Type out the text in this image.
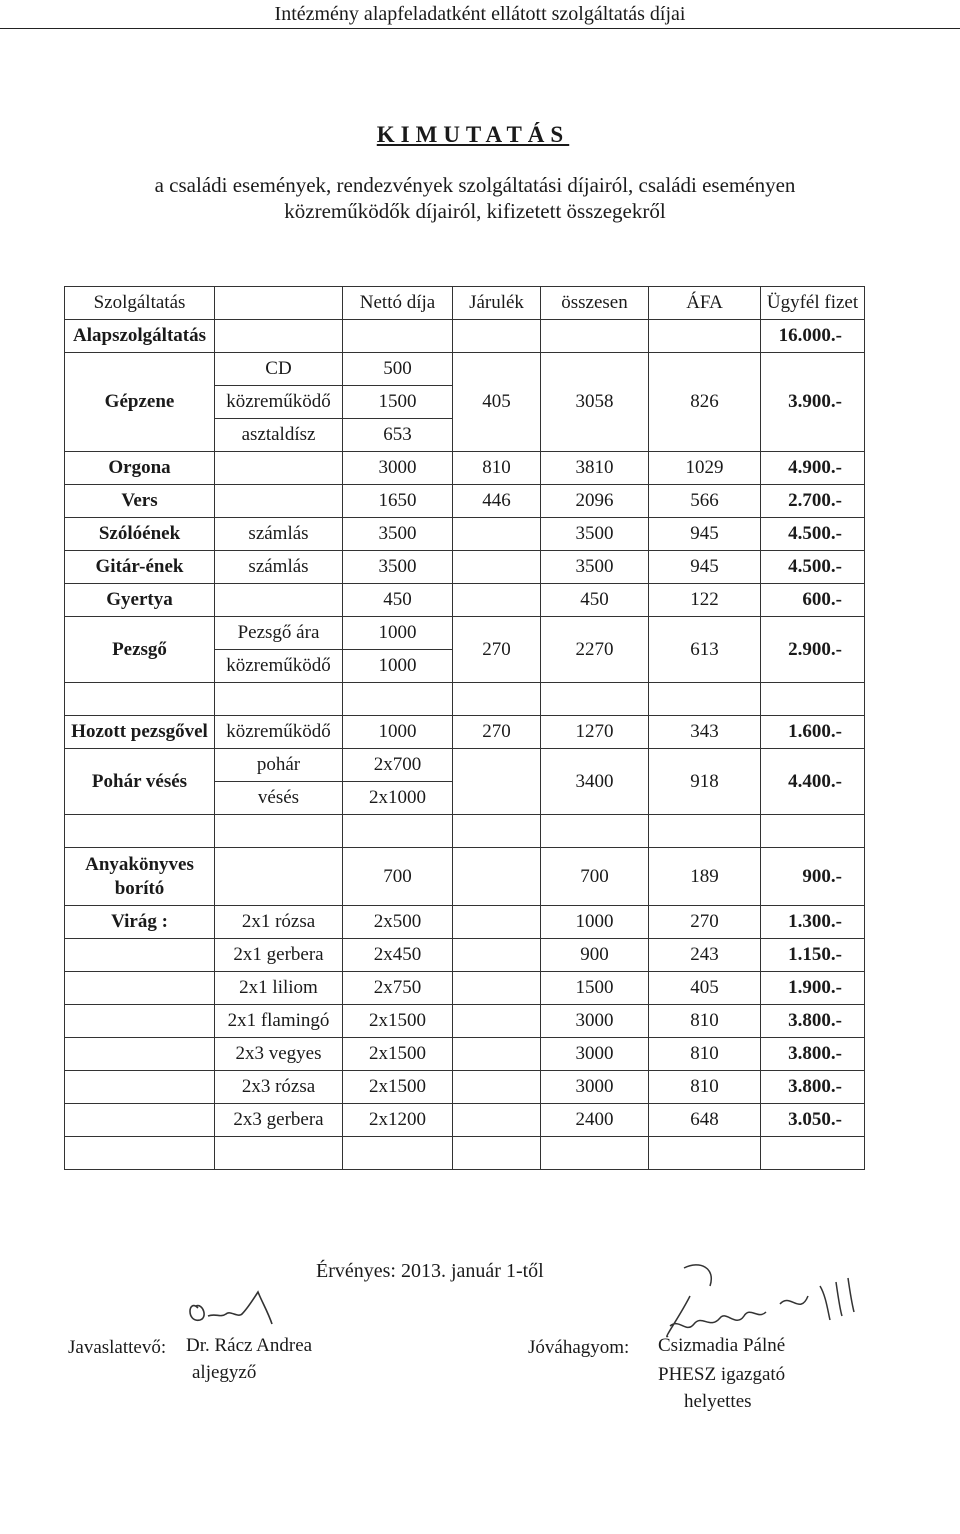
Intézmény alapfeladatként ellátott szolgáltatás díjai
KIMUTATÁS
a családi események, rendezvények szolgáltatási díjairól, családi eseményen közreműködők díjairól, kifizetett összegekről
Szolgáltatás		Nettó díja	Járulék	összesen	ÁFA	Ügyfél fizet
Alapszolgáltatás						16.000.-
Gépzene	CD	500	405	3058	826	3.900.-
	közreműködő	1500				
	asztaldísz	653				
Orgona		3000	810	3810	1029	4.900.-
Vers		1650	446	2096	566	2.700.-
Szólóének	számlás	3500		3500	945	4.500.-
Gitár-ének	számlás	3500		3500	945	4.500.-
Gyertya		450		450	122	600.-
Pezsgő	Pezsgő ára	1000	270	2270	613	2.900.-
	közreműködő	1000				

Hozott pezsgővel	közreműködő	1000	270	1270	343	1.600.-
Pohár vésés	pohár	2x700		3400	918	4.400.-
	vésés	2x1000				

Anyakönyves borító		700		700	189	900.-
Virág :	2x1 rózsa	2x500		1000	270	1.300.-
	2x1 gerbera	2x450		900	243	1.150.-
	2x1 liliom	2x750		1500	405	1.900.-
	2x1 flamingó	2x1500		3000	810	3.800.-
	2x3 vegyes	2x1500		3000	810	3.800.-
	2x3 rózsa	2x1500		3000	810	3.800.-
	2x3 gerbera	2x1200		2400	648	3.050.-

Érvényes: 2013. január 1-től
Javaslattevő: Dr. Rácz Andrea
aljegyző
Jóváhagyom: Csizmadia Pálné
PHESZ igazgató
helyettes
